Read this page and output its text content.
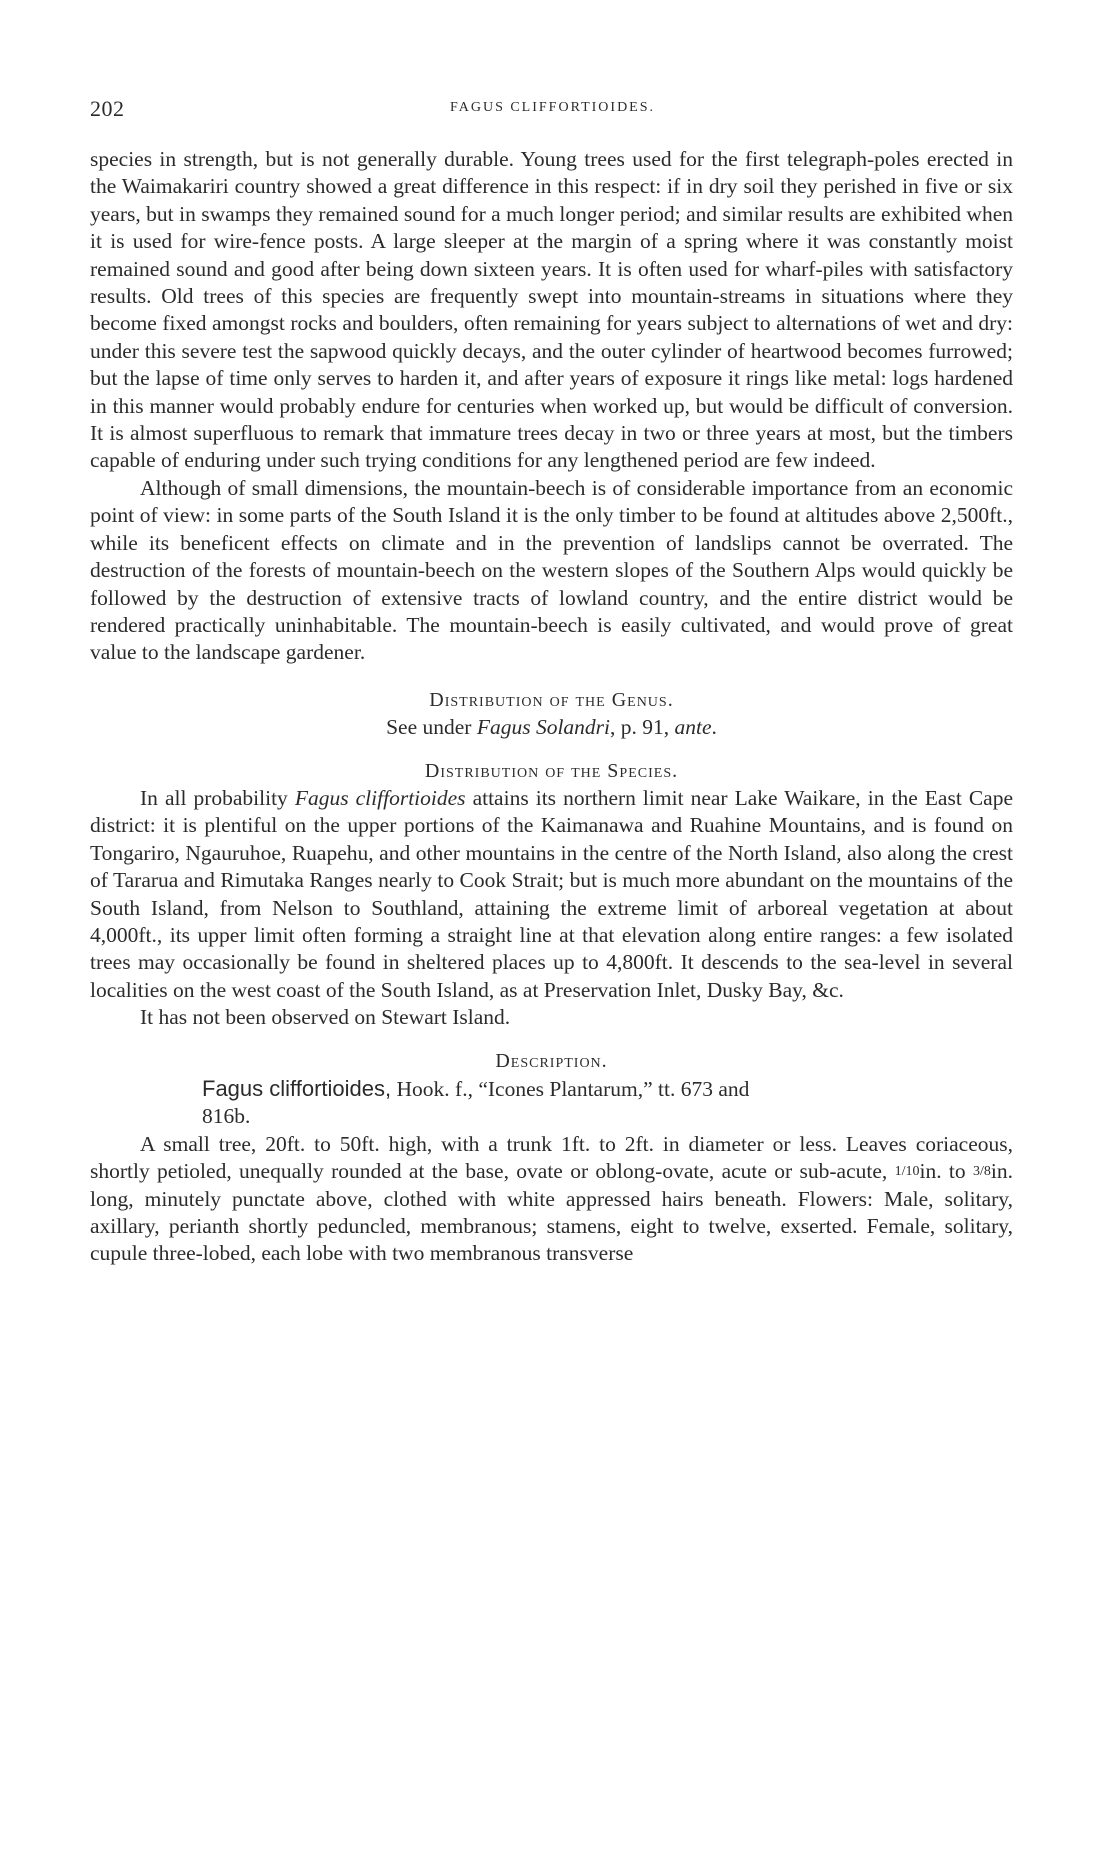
202	FAGUS CLIFFORTIOIDES.

species in strength, but is not generally durable. Young trees used for the first telegraph-poles erected in the Waimakariri country showed a great difference in this respect: if in dry soil they perished in five or six years, but in swamps they remained sound for a much longer period; and similar results are exhibited when it is used for wire-fence posts. A large sleeper at the margin of a spring where it was constantly moist remained sound and good after being down sixteen years. It is often used for wharf-piles with satisfactory results. Old trees of this species are frequently swept into mountain-streams in situations where they become fixed amongst rocks and boulders, often remaining for years subject to alternations of wet and dry: under this severe test the sapwood quickly decays, and the outer cylinder of heartwood becomes furrowed; but the lapse of time only serves to harden it, and after years of exposure it rings like metal: logs hardened in this manner would probably endure for centuries when worked up, but would be difficult of conversion. It is almost superfluous to remark that immature trees decay in two or three years at most, but the timbers capable of enduring under such trying conditions for any lengthened period are few indeed.

Although of small dimensions, the mountain-beech is of considerable importance from an economic point of view: in some parts of the South Island it is the only timber to be found at altitudes above 2,500ft., while its beneficent effects on climate and in the prevention of landslips cannot be overrated. The destruction of the forests of mountain-beech on the western slopes of the Southern Alps would quickly be followed by the destruction of extensive tracts of lowland country, and the entire district would be rendered practically uninhabitable. The mountain-beech is easily cultivated, and would prove of great value to the landscape gardener.

Distribution of the Genus.

See under Fagus Solandri, p. 91, ante.

Distribution of the Species.

In all probability Fagus cliffortioides attains its northern limit near Lake Waikare, in the East Cape district: it is plentiful on the upper portions of the Kaimanawa and Ruahine Mountains, and is found on Tongariro, Ngauruhoe, Ruapehu, and other mountains in the centre of the North Island, also along the crest of Tararua and Rimutaka Ranges nearly to Cook Strait; but is much more abundant on the mountains of the South Island, from Nelson to Southland, attaining the extreme limit of arboreal vegetation at about 4,000ft., its upper limit often forming a straight line at that elevation along entire ranges: a few isolated trees may occasionally be found in sheltered places up to 4,800ft. It descends to the sea-level in several localities on the west coast of the South Island, as at Preservation Inlet, Dusky Bay, &c.

It has not been observed on Stewart Island.

Description.

Fagus cliffortioides, Hook. f., “Icones Plantarum,” tt. 673 and

816b.

A small tree, 20ft. to 50ft. high, with a trunk 1ft. to 2ft. in diameter or less. Leaves coriaceous, shortly petioled, unequally rounded at the base, ovate or oblong-ovate, acute or sub-acute, 1/10in. to 3/8in. long, minutely punctate above, clothed with white appressed hairs beneath. Flowers: Male, solitary, axillary, perianth shortly peduncled, membranous; stamens, eight to twelve, exserted. Female, solitary, cupule three-lobed, each lobe with two membranous transverse
